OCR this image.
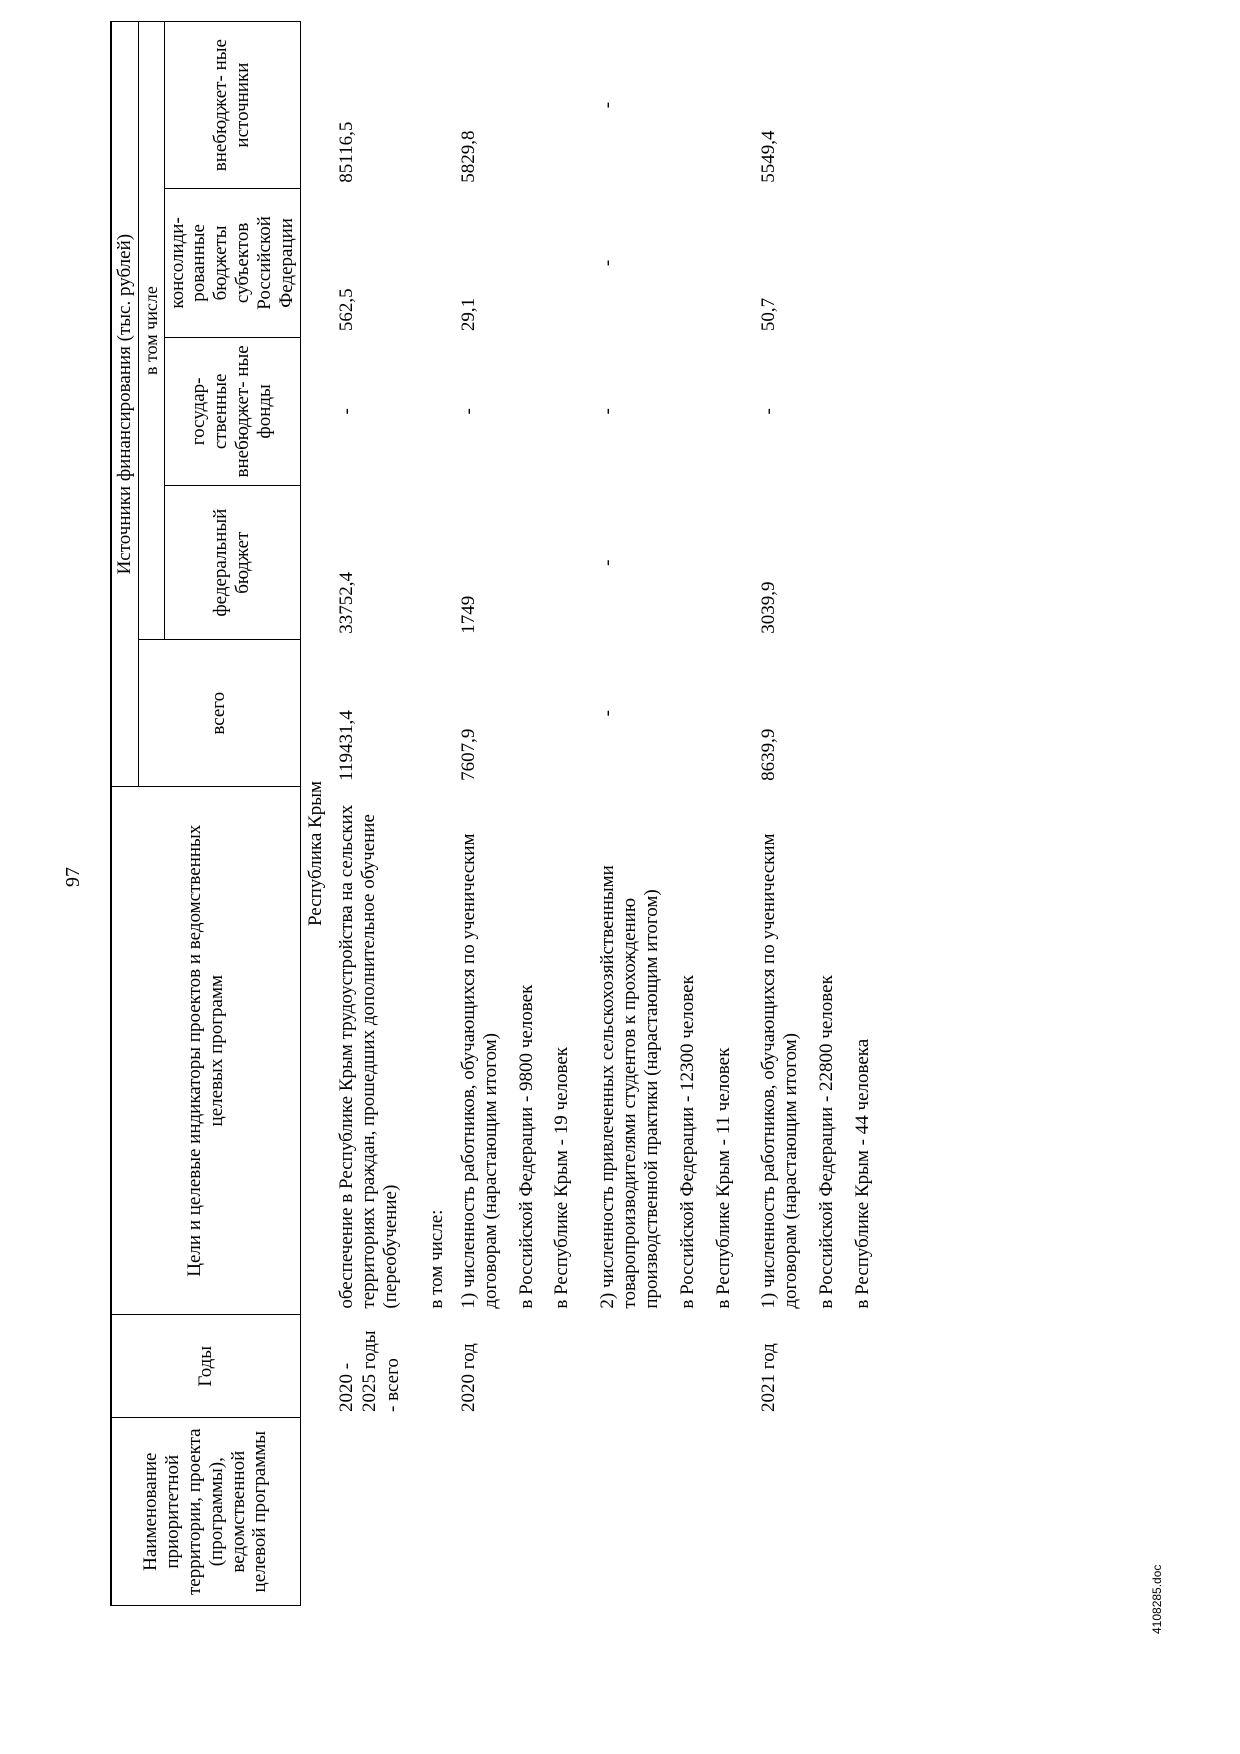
97
Наименование приоритетной территории, проекта (программы), ведомственной целевой программы	Годы	Цели и целевые индикаторы проектов и ведомственных целевых программ	Источники финансирования (тыс. рублей)				
			всего	в том числе			
				федеральный бюджет	государ- ственные внебюджет- ные фонды	консолиди- рованные бюджеты субъектов Российской Федерации	внебюджет- ные источники
Республика Крым							
	2020 - 2025 годы - всего	обеспечение в Республике Крым трудоустройства на сельских территориях граждан, прошедших дополнительное обучение (переобучение)	119431,4	33752,4	-	562,5	85116,5

		в том числе:					

	2020 год	1) численность работников, обучающихся по ученическим договорам (нарастающим итогом) в Российской Федерации - 9800 человек в Республике Крым - 19 человек	7607,9	1749	-	29,1	5829,8

		2) численность привлеченных сельскохозяйственными товаропроизводителями студентов к прохождению производственной практики (нарастающим итогом) в Российской Федерации - 12300 человек в Республике Крым - 11 человек	-	-	-	-	-
	2021 год	1) численность работников, обучающихся по ученическим договорам (нарастающим итогом) в Российской Федерации - 22800 человек в Республике Крым - 44 человека	8639,9	3039,9	-	50,7	5549,4
4108285.doc
